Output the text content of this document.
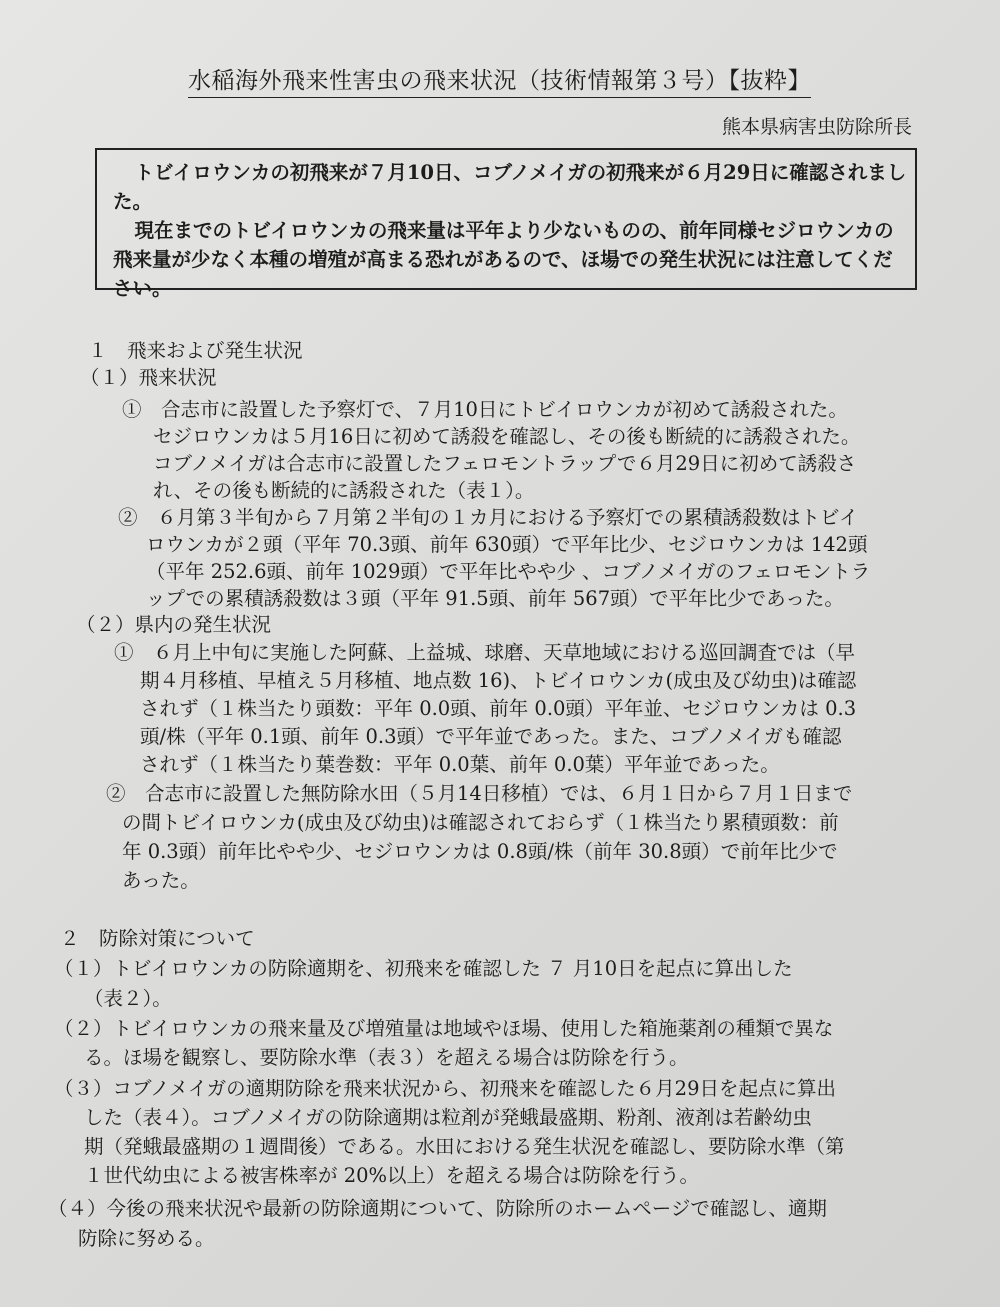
水稲海外飛来性害虫の飛来状況（技術情報第３号）【抜粋】
熊本県病害虫防除所長

トビイロウンカの初飛来が７月10日、コブノメイガの初飛来が６月29日に確認されました。

現在までのトビイロウンカの飛来量は平年より少ないものの、前年同様セジロウンカの飛来量が少なく本種の増殖が高まる恐れがあるので、ほ場での発生状況には注意してください。

１　飛来および発生状況
（１）飛来状況
①　合志市に設置した予察灯で、７月10日にトビイロウンカが初めて誘殺された。
セジロウンカは５月16日に初めて誘殺を確認し、その後も断続的に誘殺された。
コブノメイガは合志市に設置したフェロモントラップで６月29日に初めて誘殺さ
れ、その後も断続的に誘殺された（表１）。
②　６月第３半旬から７月第２半旬の１カ月における予察灯での累積誘殺数はトビイ
ロウンカが２頭（平年 70.3頭、前年 630頭）で平年比少、セジロウンカは 142頭
（平年 252.6頭、前年 1029頭）で平年比やや少 、コブノメイガのフェロモントラ
ップでの累積誘殺数は３頭（平年 91.5頭、前年 567頭）で平年比少であった。
（２）県内の発生状況
①　６月上中旬に実施した阿蘇、上益城、球磨、天草地域における巡回調査では（早
期４月移植、早植え５月移植、地点数 16)、トビイロウンカ(成虫及び幼虫)は確認
されず（１株当たり頭数：平年 0.0頭、前年 0.0頭）平年並、セジロウンカは 0.3
頭/株（平年 0.1頭、前年 0.3頭）で平年並であった。また、コブノメイガも確認
されず（１株当たり葉巻数：平年 0.0葉、前年 0.0葉）平年並であった。
②　合志市に設置した無防除水田（５月14日移植）では、６月１日から７月１日まで
の間トビイロウンカ(成虫及び幼虫)は確認されておらず（１株当たり累積頭数：前
年 0.3頭）前年比やや少、セジロウンカは 0.8頭/株（前年 30.8頭）で前年比少で
あった。
２　防除対策について
（１）トビイロウンカの防除適期を、初飛来を確認した ７ 月10日を起点に算出した
（表２）。
（２）トビイロウンカの飛来量及び増殖量は地域やほ場、使用した箱施薬剤の種類で異な
る。ほ場を観察し、要防除水準（表３）を超える場合は防除を行う。
（３）コブノメイガの適期防除を飛来状況から、初飛来を確認した６月29日を起点に算出
した（表４）。コブノメイガの防除適期は粒剤が発蛾最盛期、粉剤、液剤は若齢幼虫
期（発蛾最盛期の１週間後）である。水田における発生状況を確認し、要防除水準（第
１世代幼虫による被害株率が 20%以上）を超える場合は防除を行う。
（４）今後の飛来状況や最新の防除適期について、防除所のホームページで確認し、適期
防除に努める。
